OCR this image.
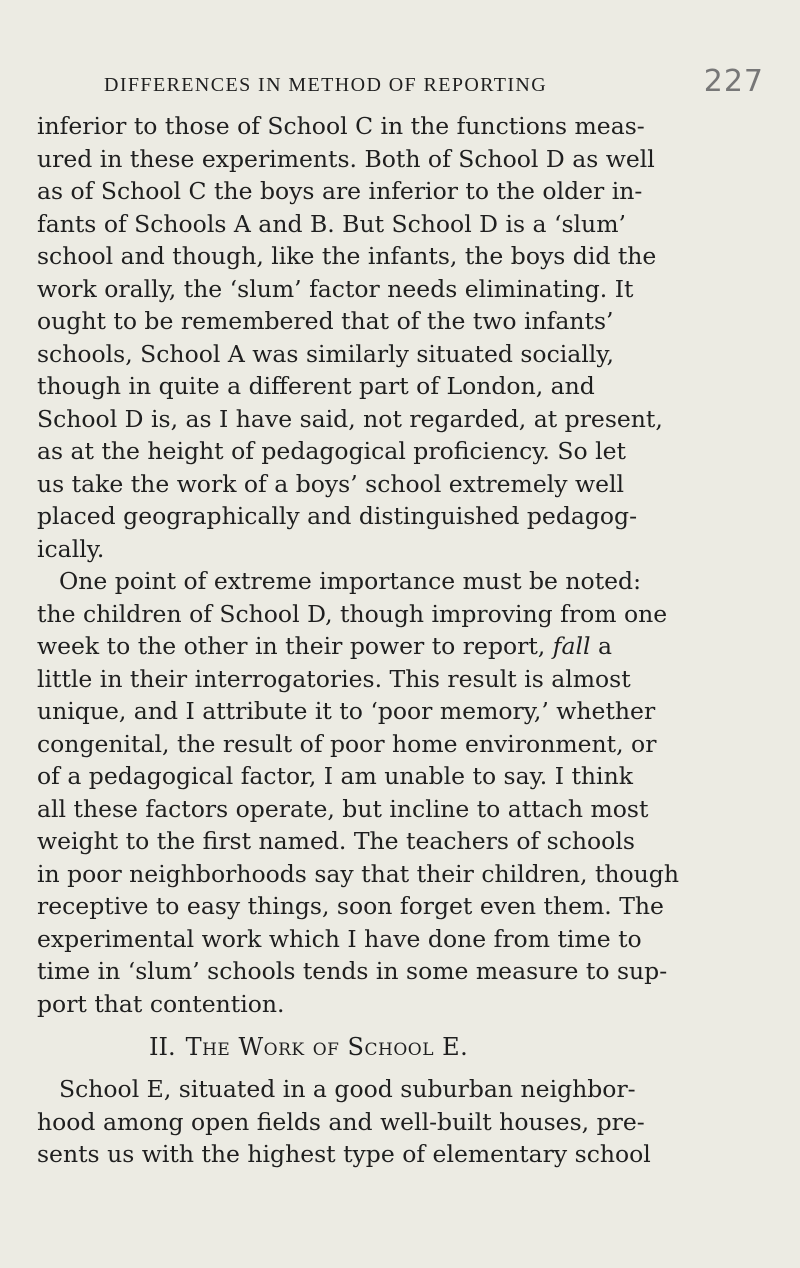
DIFFERENCES IN METHOD OF REPORTING	227

inferior to those of School C in the functions meas-
ured in these experiments. Both of School D as well
as of School C the boys are inferior to the older in-
fants of Schools A and B. But School D is a ‘slum’
school and though, like the infants, the boys did the
work orally, the ‘slum’ factor needs eliminating. It
ought to be remembered that of the two infants’
schools, School A was similarly situated socially,
though in quite a different part of London, and
School D is, as I have said, not regarded, at present,
as at the height of pedagogical proficiency. So let
us take the work of a boys’ school extremely well
placed geographically and distinguished pedagog-
ically.

One point of extreme importance must be noted:
the children of School D, though improving from one
week to the other in their power to report, fall a
little in their interrogatories. This result is almost
unique, and I attribute it to ‘poor memory,’ whether
congenital, the result of poor home environment, or
of a pedagogical factor, I am unable to say. I think
all these factors operate, but incline to attach most
weight to the first named. The teachers of schools
in poor neighborhoods say that their children, though
receptive to easy things, soon forget even them. The
experimental work which I have done from time to
time in ‘slum’ schools tends in some measure to sup-
port that contention.

II. The Work of School E.

School E, situated in a good suburban neighbor-
hood among open fields and well-built houses, pre-
sents us with the highest type of elementary school
